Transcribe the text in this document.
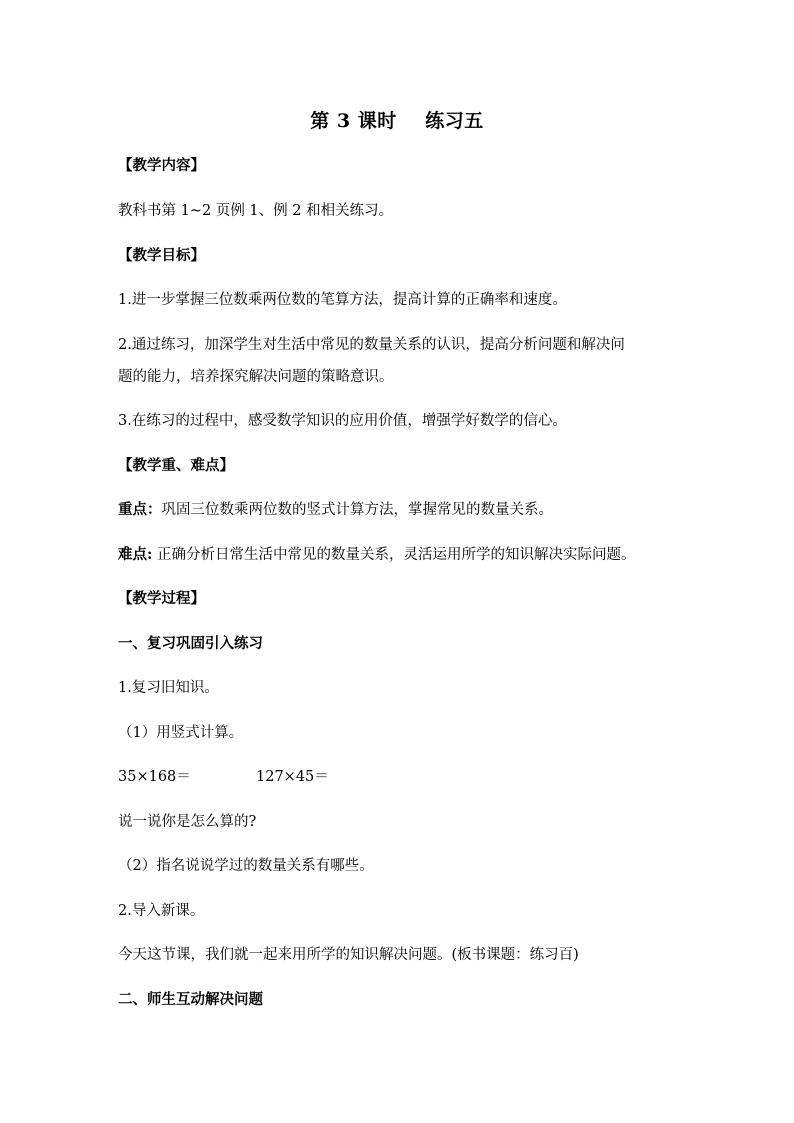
第 3 课时    练习五
【教学内容】
教科书第 1~2 页例 1、例 2 和相关练习。
【教学目标】
1.进一步掌握三位数乘两位数的笔算方法，提高计算的正确率和速度。
2.通过练习，加深学生对生活中常见的数量关系的认识，提高分析问题和解决问
题的能力，培养探究解决问题的策略意识。
3.在练习的过程中，感受数学知识的应用价值，增强学好数学的信心。
【教学重、难点】
重点：巩固三位数乘两位数的竖式计算方法，掌握常见的数量关系。
难点: 正确分析日常生活中常见的数量关系，灵活运用所学的知识解决实际问题。
【教学过程】
一、复习巩固引入练习
1.复习旧知识。
（1）用竖式计算。
35×168＝	127×45＝
说一说你是怎么算的?
（2）指名说说学过的数量关系有哪些。
2.导入新课。
今天这节课，我们就一起来用所学的知识解决问题。(板书课题：练习百)
二、师生互动解决问题
